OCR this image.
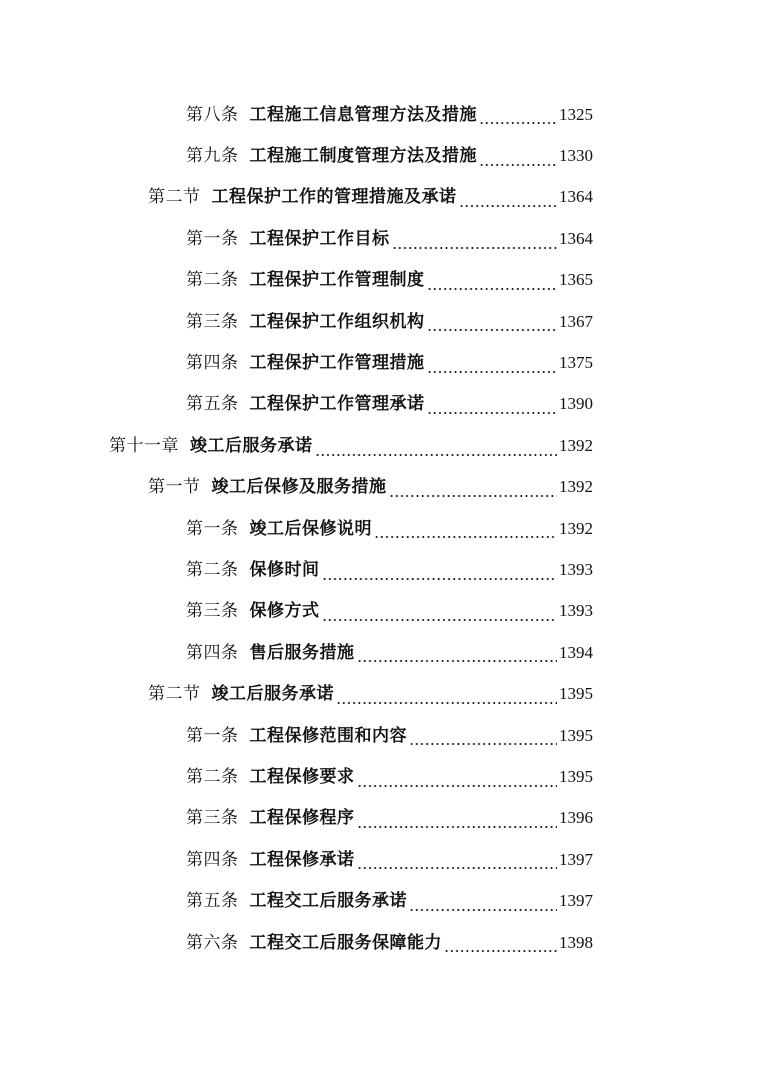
第八条 工程施工信息管理方法及措施	1325
第九条 工程施工制度管理方法及措施	1330
第二节 工程保护工作的管理措施及承诺	1364
第一条 工程保护工作目标	1364
第二条 工程保护工作管理制度	1365
第三条 工程保护工作组织机构	1367
第四条 工程保护工作管理措施	1375
第五条 工程保护工作管理承诺	1390
第十一章 竣工后服务承诺	1392
第一节 竣工后保修及服务措施	1392
第一条 竣工后保修说明	1392
第二条 保修时间	1393
第三条 保修方式	1393
第四条 售后服务措施	1394
第二节 竣工后服务承诺	1395
第一条 工程保修范围和内容	1395
第二条 工程保修要求	1395
第三条 工程保修程序	1396
第四条 工程保修承诺	1397
第五条 工程交工后服务承诺	1397
第六条 工程交工后服务保障能力	1398
